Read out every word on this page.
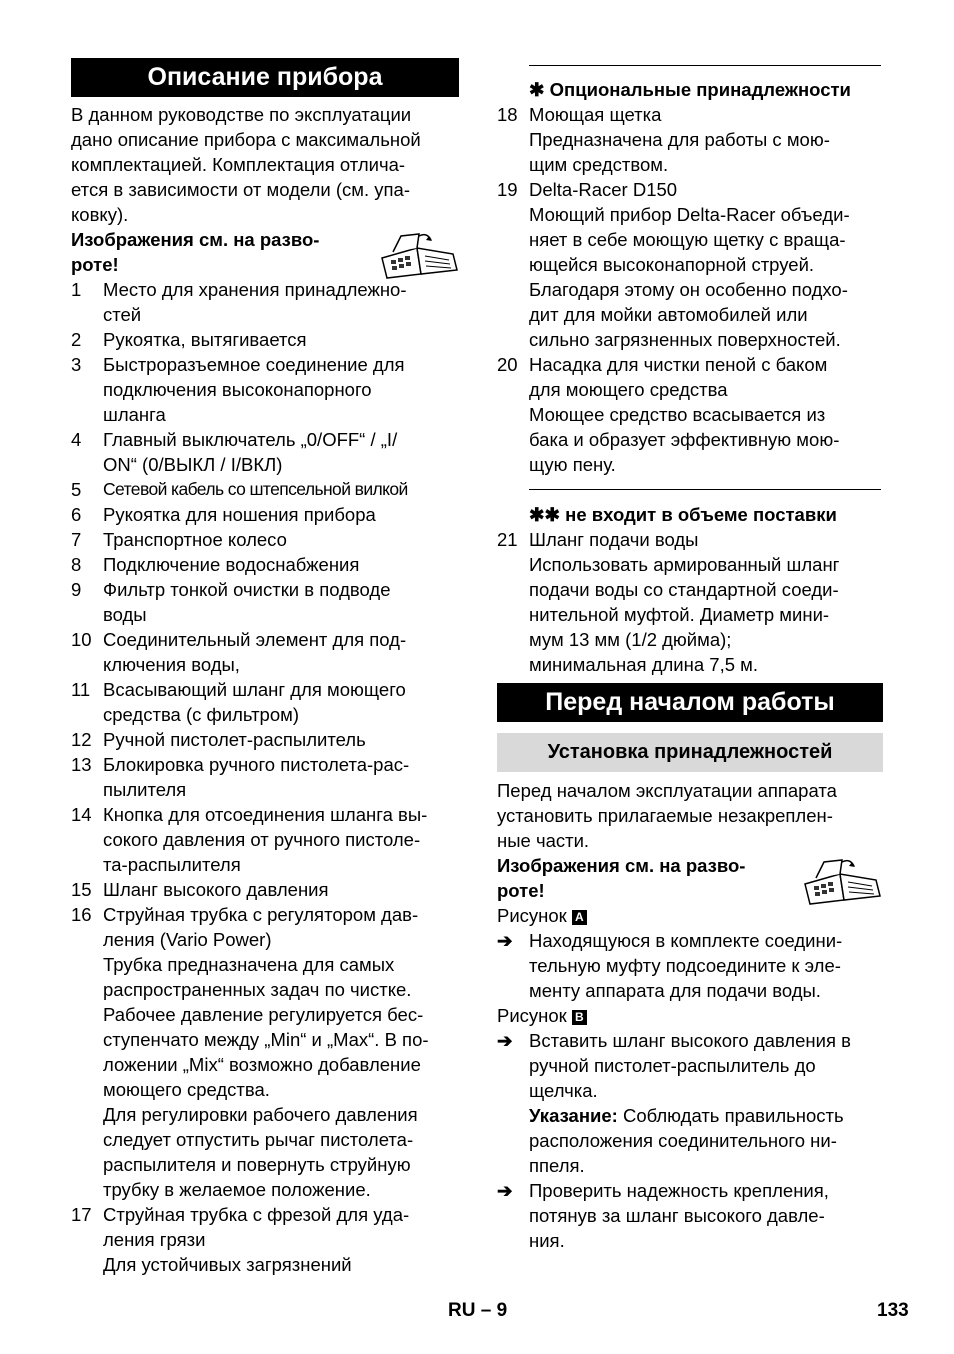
Описание прибора
В данном руководстве по эксплуатации
дано описание прибора с максимальной
комплектацией. Комплектация отлича-
ется в зависимости от модели (см. упа-
ковку).
Изображения см. на разво-
роте!
1 Место для хранения принадлежно-
стей
2 Рукоятка, вытягивается
3 Быстроразъемное соединение для
подключения высоконапорного
шланга
4 Главный выключатель „0/OFF“ / „I/
ON“ (0/ВЫКЛ / I/ВКЛ)
5 Сетевой кабель со штепсельной вилкой
6 Рукоятка для ношения прибора
7 Транспортное колесо
8 Подключение водоснабжения
9 Фильтр тонкой очистки в подводе
воды
10 Соединительный элемент для под-
ключения воды,
11 Всасывающий шланг для моющего
средства (с фильтром)
12 Ручной пистолет-распылитель
13 Блокировка ручного пистолета-рас-
пылителя
14 Кнопка для отсоединения шланга вы-
сокого давления от ручного пистоле-
та-распылителя
15 Шланг высокого давления
16 Струйная трубка с регулятором дав-
ления (Vario Power)
Трубка предназначена для самых
распространенных задач по чистке.
Рабочее давление регулируется бес-
ступенчато между „Min“ и „Max“. В по-
ложении „Mix“ возможно добавление
моющего средства.
Для регулировки рабочего давления
следует отпустить рычаг пистолета-
распылителя и повернуть струйную
трубку в желаемое положение.
17 Струйная трубка с фрезой для уда-
ления грязи
Для устойчивых загрязнений
✱ Опциональные принадлежности
18 Моющая щетка
Предназначена для работы с мою-
щим средством.
19 Delta-Racer D150
Моющий прибор Delta-Racer объеди-
няет в себе моющую щетку с враща-
ющейся высоконапорной струей.
Благодаря этому он особенно подхо-
дит для мойки автомобилей или
сильно загрязненных поверхностей.
20 Насадка для чистки пеной с баком
для моющего средства
Моющее средство всасывается из
бака и образует эффективную мою-
щую пену.
✱✱ не входит в объеме поставки
21 Шланг подачи воды
Использовать армированный шланг
подачи воды со стандартной соеди-
нительной муфтой. Диаметр мини-
мум 13 мм (1/2 дюйма);
минимальная длина 7,5 м.
Перед началом работы
Установка принадлежностей
Перед началом эксплуатации аппарата
установить прилагаемые незакреплен-
ные части.
Изображения см. на разво-
роте!
Рисунок A
➔ Находящуюся в комплекте соедини-
тельную муфту подсоедините к эле-
менту аппарата для подачи воды.
Рисунок B
➔ Вставить шланг высокого давления в
ручной пистолет-распылитель до
щелчка.
Указание: Соблюдать правильность
расположения соединительного ни-
ппеля.
➔ Проверить надежность крепления,
потянув за шланг высокого давле-
ния.
RU – 9	133
